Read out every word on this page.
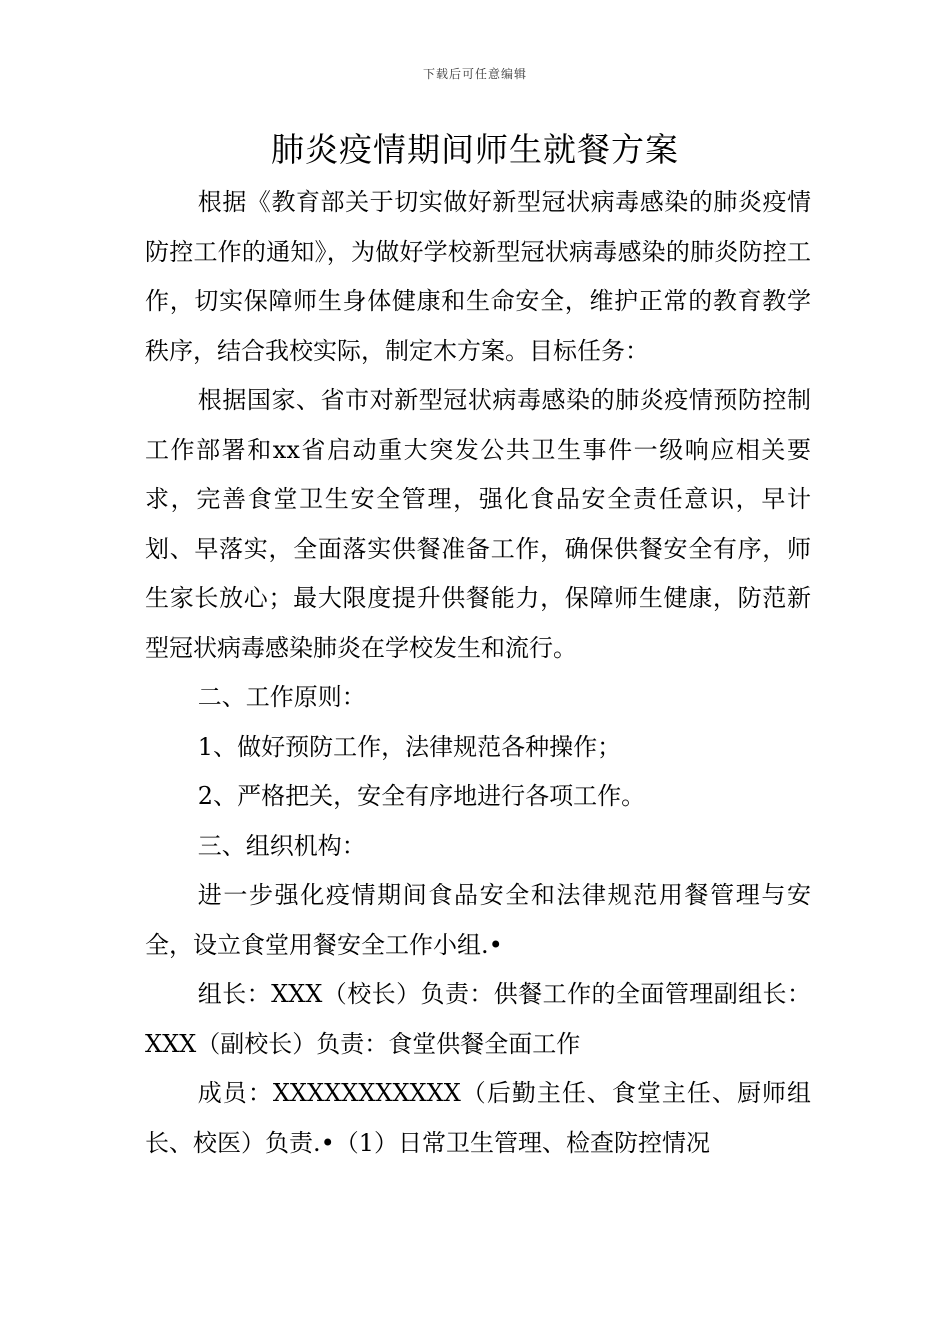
下载后可任意编辑
肺炎疫情期间师生就餐方案

根据《教育部关于切实做好新型冠状病毒感染的肺炎疫情防控工作的通知》，为做好学校新型冠状病毒感染的肺炎防控工作，切实保障师生身体健康和生命安全，维护正常的教育教学秩序，结合我校实际，制定木方案。目标任务：

根据国家、省市对新型冠状病毒感染的肺炎疫情预防控制工作部署和xx省启动重大突发公共卫生事件一级响应相关要求，完善食堂卫生安全管理，强化食品安全责任意识，早计划、早落实，全面落实供餐准备工作，确保供餐安全有序，师生家长放心；最大限度提升供餐能力，保障师生健康，防范新型冠状病毒感染肺炎在学校发生和流行。

二、工作原则：

1、做好预防工作，法律规范各种操作；

2、严格把关，安全有序地进行各项工作。

三、组织机构：

进一步强化疫情期间食品安全和法律规范用餐管理与安全，设立食堂用餐安全工作小组.•

组长：XXX（校长）负责：供餐工作的全面管理副组长：XXX（副校长）负责：食堂供餐全面工作

成员：XXXXXXXXXXX（后勤主任、食堂主任、厨师组长、校医）负责.•（1）日常卫生管理、检查防控情况
